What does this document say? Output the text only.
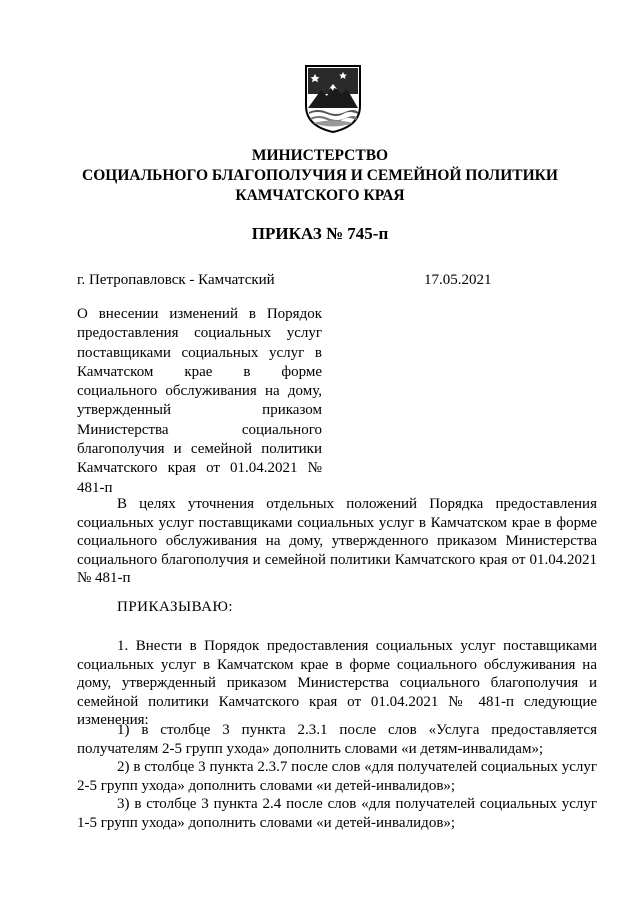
МИНИСТЕРСТВО
СОЦИАЛЬНОГО БЛАГОПОЛУЧИЯ И СЕМЕЙНОЙ ПОЛИТИКИ
КАМЧАТСКОГО КРАЯ
ПРИКАЗ № 745-п
г. Петропавловск - Камчатский	17.05.2021
О внесении изменений в Порядок предоставления социальных услуг поставщиками социальных услуг в Камчатском крае в форме социального обслуживания на дому, утвержденный приказом Министерства социального благополучия и семейной политики Камчатского края от 01.04.2021 № 481-п
В целях уточнения отдельных положений Порядка предоставления социальных услуг поставщиками социальных услуг в Камчатском крае в форме социального обслуживания на дому, утвержденного приказом Министерства социального благополучия и семейной политики Камчатского края от 01.04.2021 № 481-п
ПРИКАЗЫВАЮ:
1. Внести в Порядок предоставления социальных услуг поставщиками социальных услуг в Камчатском крае в форме социального обслуживания на дому, утвержденный приказом Министерства социального благополучия и семейной политики Камчатского края от 01.04.2021 № 481-п следующие изменения:
1) в столбце 3 пункта 2.3.1 после слов «Услуга предоставляется получателям 2-5 групп ухода» дополнить словами «и детям-инвалидам»;
2) в столбце 3 пункта 2.3.7 после слов «для получателей социальных услуг 2-5 групп ухода» дополнить словами «и детей-инвалидов»;
3) в столбце 3 пункта 2.4 после слов «для получателей социальных услуг 1-5 групп ухода» дополнить словами «и детей-инвалидов»;
